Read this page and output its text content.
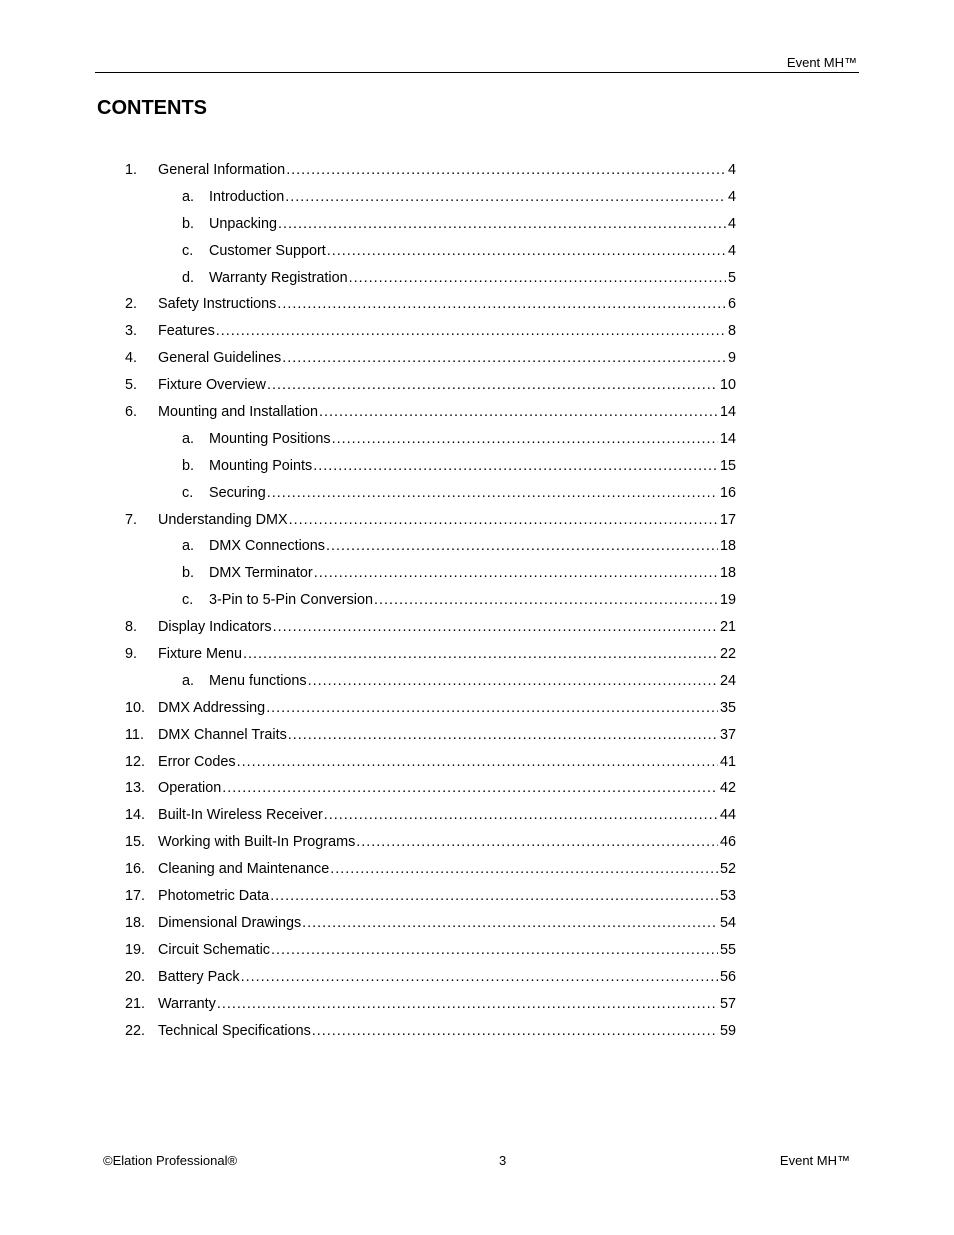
Event MH™
CONTENTS
1. General Information .....	4
a. Introduction .....	4
b. Unpacking .....	4
c. Customer Support .....	4
d. Warranty Registration .....	5
2. Safety Instructions .....	6
3. Features .....	8
4. General Guidelines .....	9
5. Fixture Overview .....	10
6. Mounting and Installation .....	14
a. Mounting Positions .....	14
b. Mounting Points .....	15
c. Securing .....	16
7. Understanding DMX .....	17
a. DMX Connections .....	18
b. DMX Terminator .....	18
c. 3-Pin to 5-Pin Conversion .....	19
8. Display Indicators .....	21
9. Fixture Menu .....	22
a. Menu functions .....	24
10. DMX Addressing .....	35
11. DMX Channel Traits .....	37
12. Error Codes .....	41
13. Operation .....	42
14. Built-In Wireless Receiver .....	44
15. Working with Built-In Programs .....	46
16. Cleaning and Maintenance .....	52
17. Photometric Data .....	53
18. Dimensional Drawings .....	54
19. Circuit Schematic .....	55
20. Battery Pack .....	56
21. Warranty .....	57
22. Technical Specifications .....	59
©Elation Professional®	3	Event MH™
